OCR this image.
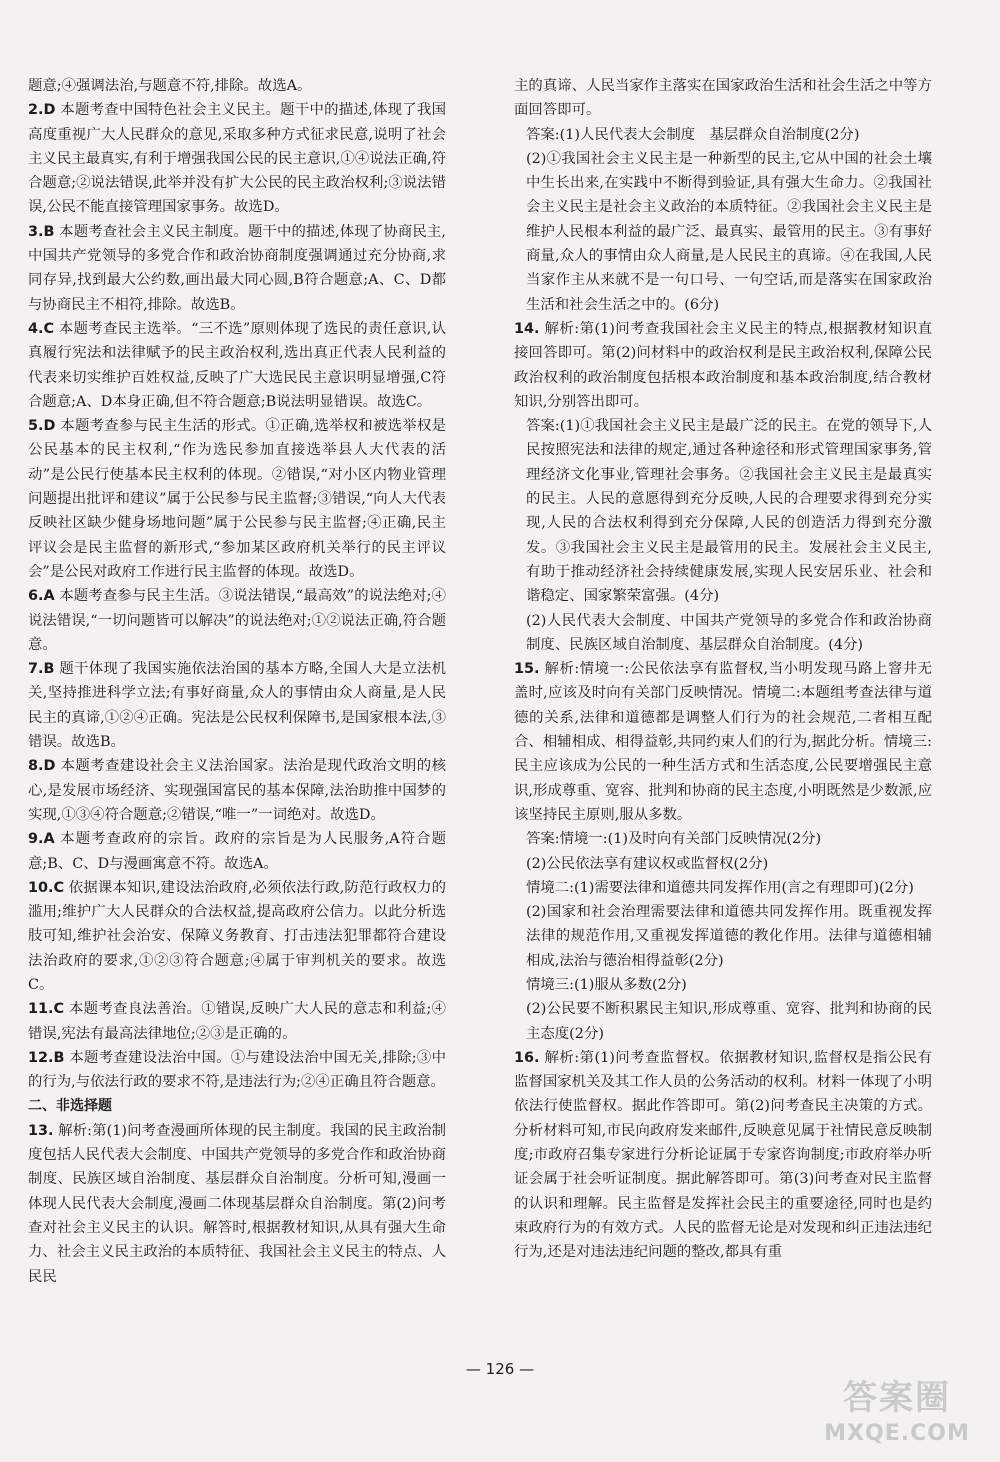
题意;④强调法治,与题意不符,排除。故选A。

2.D 本题考查中国特色社会主义民主。题干中的描述,体现了我国高度重视广大人民群众的意见,采取多种方式征求民意,说明了社会主义民主最真实,有利于增强我国公民的民主意识,①④说法正确,符合题意;②说法错误,此举并没有扩大公民的民主政治权利;③说法错误,公民不能直接管理国家事务。故选D。

3.B 本题考查社会主义民主制度。题干中的描述,体现了协商民主,中国共产党领导的多党合作和政治协商制度强调通过充分协商,求同存异,找到最大公约数,画出最大同心圆,B符合题意;A、C、D都与协商民主不相符,排除。故选B。

4.C 本题考查民主选举。“三不选”原则体现了选民的责任意识,认真履行宪法和法律赋予的民主政治权利,选出真正代表人民利益的代表来切实维护百姓权益,反映了广大选民民主意识明显增强,C符合题意;A、D本身正确,但不符合题意;B说法明显错误。故选C。

5.D 本题考查参与民主生活的形式。①正确,选举权和被选举权是公民基本的民主权利,“作为选民参加直接选举县人大代表的活动”是公民行使基本民主权利的体现。②错误,“对小区内物业管理问题提出批评和建议”属于公民参与民主监督;③错误,“向人大代表反映社区缺少健身场地问题”属于公民参与民主监督;④正确,民主评议会是民主监督的新形式,“参加某区政府机关举行的民主评议会”是公民对政府工作进行民主监督的体现。故选D。

6.A 本题考查参与民主生活。③说法错误,“最高效”的说法绝对;④说法错误,“一切问题皆可以解决”的说法绝对;①②说法正确,符合题意。

7.B 题干体现了我国实施依法治国的基本方略,全国人大是立法机关,坚持推进科学立法;有事好商量,众人的事情由众人商量,是人民民主的真谛,①②④正确。宪法是公民权利保障书,是国家根本法,③错误。故选B。

8.D 本题考查建设社会主义法治国家。法治是现代政治文明的核心,是发展市场经济、实现强国富民的基本保障,法治助推中国梦的实现,①③④符合题意;②错误,“唯一”一词绝对。故选D。

9.A 本题考查政府的宗旨。政府的宗旨是为人民服务,A符合题意;B、C、D与漫画寓意不符。故选A。

10.C 依据课本知识,建设法治政府,必须依法行政,防范行政权力的滥用;维护广大人民群众的合法权益,提高政府公信力。以此分析选肢可知,维护社会治安、保障义务教育、打击违法犯罪都符合建设法治政府的要求,①②③符合题意;④属于审判机关的要求。故选C。

11.C 本题考查良法善治。①错误,反映广大人民的意志和利益;④错误,宪法有最高法律地位;②③是正确的。

12.B 本题考查建设法治中国。①与建设法治中国无关,排除;③中的行为,与依法行政的要求不符,是违法行为;②④正确且符合题意。

二、非选择题

13. 解析:第(1)问考查漫画所体现的民主制度。我国的民主政治制度包括人民代表大会制度、中国共产党领导的多党合作和政治协商制度、民族区域自治制度、基层群众自治制度。分析可知,漫画一体现人民代表大会制度,漫画二体现基层群众自治制度。第(2)问考查对社会主义民主的认识。解答时,根据教材知识,从具有强大生命力、社会主义民主政治的本质特征、我国社会主义民主的特点、人民民

主的真谛、人民当家作主落实在国家政治生活和社会生活之中等方面回答即可。

答案:(1)人民代表大会制度　基层群众自治制度(2分)

(2)①我国社会主义民主是一种新型的民主,它从中国的社会土壤中生长出来,在实践中不断得到验证,具有强大生命力。②我国社会主义民主是社会主义政治的本质特征。②我国社会主义民主是维护人民根本利益的最广泛、最真实、最管用的民主。③有事好商量,众人的事情由众人商量,是人民民主的真谛。④在我国,人民当家作主从来就不是一句口号、一句空话,而是落实在国家政治生活和社会生活之中的。(6分)

14. 解析:第(1)问考查我国社会主义民主的特点,根据教材知识直接回答即可。第(2)问材料中的政治权利是民主政治权利,保障公民政治权利的政治制度包括根本政治制度和基本政治制度,结合教材知识,分别答出即可。

答案:(1)①我国社会主义民主是最广泛的民主。在党的领导下,人民按照宪法和法律的规定,通过各种途径和形式管理国家事务,管理经济文化事业,管理社会事务。②我国社会主义民主是最真实的民主。人民的意愿得到充分反映,人民的合理要求得到充分实现,人民的合法权利得到充分保障,人民的创造活力得到充分激发。③我国社会主义民主是最管用的民主。发展社会主义民主,有助于推动经济社会持续健康发展,实现人民安居乐业、社会和谐稳定、国家繁荣富强。(4分)

(2)人民代表大会制度、中国共产党领导的多党合作和政治协商制度、民族区域自治制度、基层群众自治制度。(4分)

15. 解析:情境一:公民依法享有监督权,当小明发现马路上窨井无盖时,应该及时向有关部门反映情况。情境二:本题组考查法律与道德的关系,法律和道德都是调整人们行为的社会规范,二者相互配合、相辅相成、相得益彰,共同约束人们的行为,据此分析。情境三:民主应该成为公民的一种生活方式和生活态度,公民要增强民主意识,形成尊重、宽容、批判和协商的民主态度,小明既然是少数派,应该坚持民主原则,服从多数。

答案:情境一:(1)及时向有关部门反映情况(2分)

(2)公民依法享有建议权或监督权(2分)

情境二:(1)需要法律和道德共同发挥作用(言之有理即可)(2分)

(2)国家和社会治理需要法律和道德共同发挥作用。既重视发挥法律的规范作用,又重视发挥道德的教化作用。法律与道德相辅相成,法治与德治相得益彰(2分)

情境三:(1)服从多数(2分)

(2)公民要不断积累民主知识,形成尊重、宽容、批判和协商的民主态度(2分)

16. 解析:第(1)问考查监督权。依据教材知识,监督权是指公民有监督国家机关及其工作人员的公务活动的权利。材料一体现了小明依法行使监督权。据此作答即可。第(2)问考查民主决策的方式。分析材料可知,市民向政府发来邮件,反映意见属于社情民意反映制度;市政府召集专家进行分析论证属于专家咨询制度;市政府举办听证会属于社会听证制度。据此解答即可。第(3)问考查对民主监督的认识和理解。民主监督是发挥社会民主的重要途径,同时也是约束政府行为的有效方式。人民的监督无论是对发现和纠正违法违纪行为,还是对违法违纪问题的整改,都具有重

— 126 —
答案圈
MXQE.COM
